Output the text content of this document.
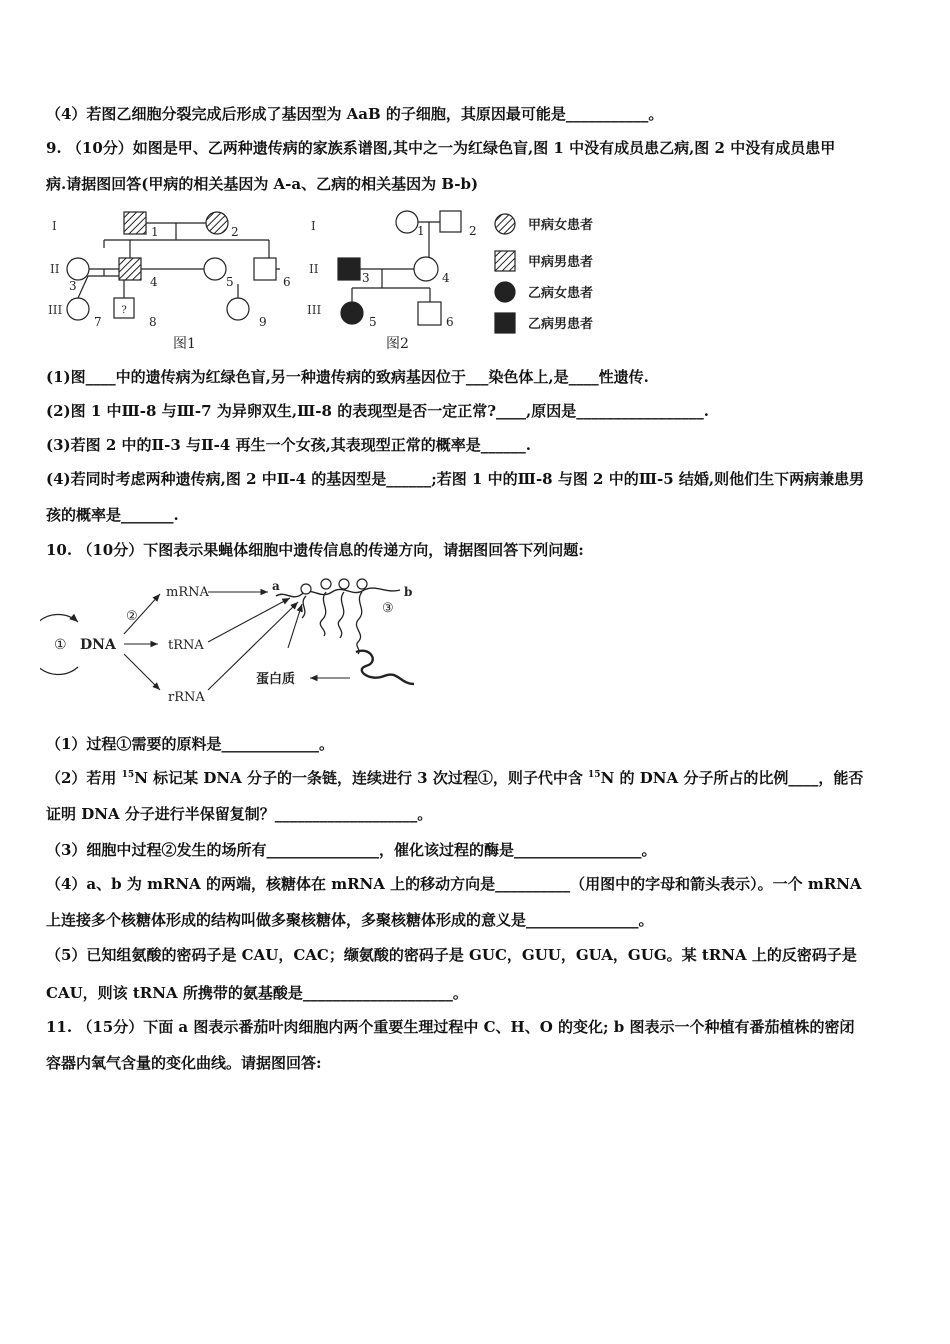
（4）若图乙细胞分裂完成后形成了基因型为 AaB 的子细胞，其原因最可能是___________。
9. （10分）如图是甲、乙两种遗传病的家族系谱图,其中之一为红绿色盲,图 1 中没有成员患乙病,图 2 中没有成员患甲
病.请据图回答(甲病的相关基因为 A-a、乙病的相关基因为 B-b)
?
I
II
III
I
II
III
1	2
3	4	5	6
7	8	9
1	2
3	4
5	6
图1	图2
甲病女患者
甲病男患者
乙病女患者
乙病男患者
(1)图____中的遗传病为红绿色盲,另一种遗传病的致病基因位于___染色体上,是____性遗传.
(2)图 1 中Ⅲ-8 与Ⅲ-7 为异卵双生,Ⅲ-8 的表现型是否一定正常?____,原因是_________________.
(3)若图 2 中的Ⅱ-3 与Ⅱ-4 再生一个女孩,其表现型正常的概率是______.
(4)若同时考虑两种遗传病,图 2 中Ⅱ-4 的基因型是______;若图 1 中的Ⅲ-8 与图 2 中的Ⅲ-5 结婚,则他们生下两病兼患男
孩的概率是_______.
10. （10分）下图表示果蝇体细胞中遗传信息的传递方向，请据图回答下列问题:
① DNA
②
mRNA
tRNA
rRNA
a	b
③
蛋白质
（1）过程①需要的原料是_____________。
（2）若用 $^{15}$N 标记某 DNA 分子的一条链，连续进行 3 次过程①，则子代中含 $^{15}$N 的 DNA 分子所占的比例____，能否
证明 DNA 分子进行半保留复制？___________________。
（3）细胞中过程②发生的场所有_______________，催化该过程的酶是_________________。
（4）a、b 为 mRNA 的两端，核糖体在 mRNA 上的移动方向是__________（用图中的字母和箭头表示）。一个 mRNA
上连接多个核糖体形成的结构叫做多聚核糖体，多聚核糖体形成的意义是_______________。
（5）已知组氨酸的密码子是 CAU，CAC；缬氨酸的密码子是 GUC，GUU，GUA，GUG。某 tRNA 上的反密码子是
CAU，则该 tRNA 所携带的氨基酸是____________________。
11. （15分）下面 a 图表示番茄叶肉细胞内两个重要生理过程中 C、H、O 的变化; b 图表示一个种植有番茄植株的密闭
容器内氧气含量的变化曲线。请据图回答:
